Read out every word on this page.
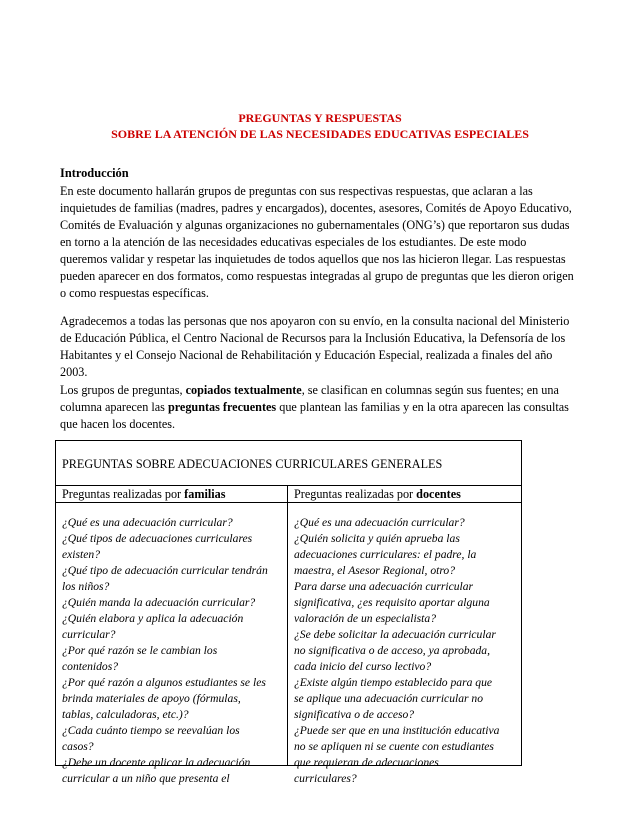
PREGUNTAS Y RESPUESTAS
SOBRE LA ATENCIÓN DE LAS NECESIDADES EDUCATIVAS ESPECIALES
Introducción
En este documento hallarán grupos de preguntas con sus respectivas respuestas, que aclaran a las
inquietudes de familias (madres, padres y encargados), docentes, asesores, Comités de Apoyo Educativo,
Comités de Evaluación y algunas organizaciones no gubernamentales (ONG’s) que reportaron sus dudas
en torno a la atención de las necesidades educativas especiales de los estudiantes. De este modo
queremos validar y respetar las inquietudes de todos aquellos que nos las hicieron llegar. Las respuestas
pueden aparecer en dos formatos, como respuestas integradas al grupo de preguntas que les dieron origen
o como respuestas específicas.
Agradecemos a todas las personas que nos apoyaron con su envío, en la consulta nacional del Ministerio
de Educación Pública, el Centro Nacional de Recursos para la Inclusión Educativa, la Defensoría de los
Habitantes y el Consejo Nacional de Rehabilitación y Educación Especial, realizada a finales del año
2003.
Los grupos de preguntas, copiados textualmente, se clasifican en columnas según sus fuentes; en una
columna aparecen las preguntas frecuentes que plantean las familias y en la otra aparecen las consultas
que hacen los docentes.
PREGUNTAS SOBRE ADECUACIONES CURRICULARES GENERALES
Preguntas realizadas por familias	Preguntas realizadas por docentes
¿Qué es una adecuación curricular?
¿Qué tipos de adecuaciones curriculares
existen?
¿Qué tipo de adecuación curricular tendrán
los niños?
¿Quién manda la adecuación curricular?
¿Quién elabora y aplica la adecuación
curricular?
¿Por qué razón se le cambian los
contenidos?
¿Por qué razón a algunos estudiantes se les
brinda materiales de apoyo (fórmulas,
tablas, calculadoras, etc.)?
¿Cada cuánto tiempo se reevalúan los
casos?
¿Debe un docente aplicar la adecuación
curricular a un niño que presenta el
¿Qué es una adecuación curricular?
¿Quién solicita y quién aprueba las
adecuaciones curriculares: el padre, la
maestra, el Asesor Regional, otro?
Para darse una adecuación curricular
significativa, ¿es requisito aportar alguna
valoración de un especialista?
¿Se debe solicitar la adecuación curricular
no significativa o de acceso, ya aprobada,
cada inicio del curso lectivo?
¿Existe algún tiempo establecido para que
se aplique una adecuación curricular no
significativa o de acceso?
¿Puede ser que en una institución educativa
no se apliquen ni se cuente con estudiantes
que requieran de adecuaciones
curriculares?
